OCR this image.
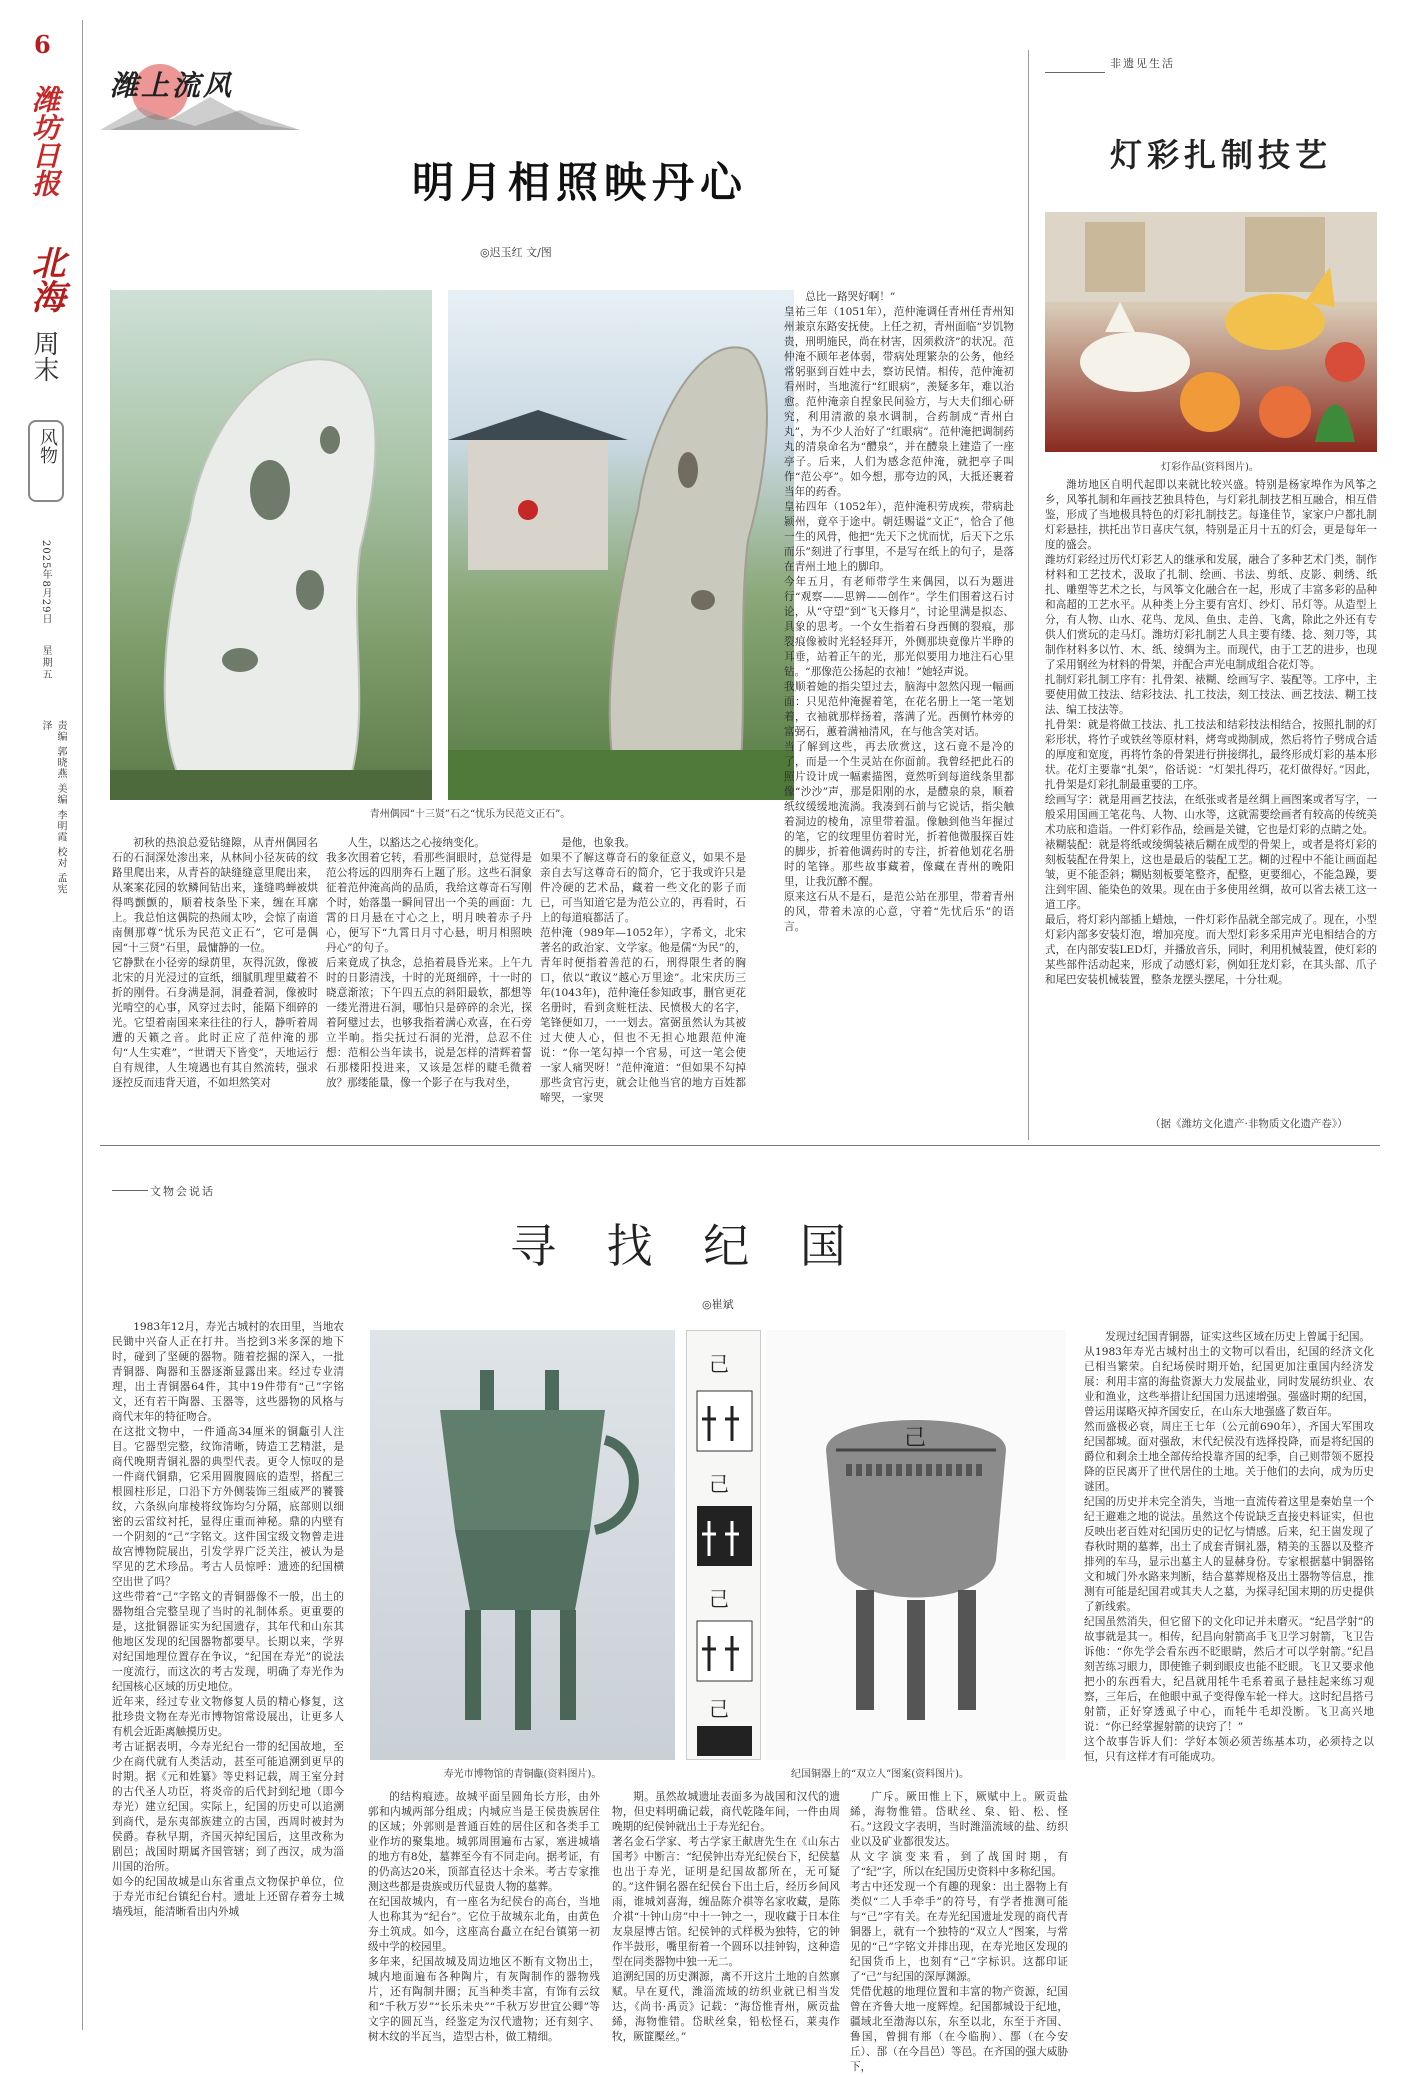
6
潍坊日报
北海
周末
风物
2025年8月29日
星期五
责编 郭晓燕 美编 李明霞 校对 孟宪泽
潍上流风
明月相照映丹心
◎迟玉红 文/图
青州偶园“十三贤”石之“忧乐为民范文正石”。

初秋的热浪总爱钻缝隙，从青州偶园名石的石洞深处渗出来，从林间小径灰砖的纹路里爬出来，从青苔的缺缝缝意里爬出来，从案案花园的软鳞间钻出来，逢缝鸣蝉被烘得鸣颤颤的，顺着枝条坠下来，缠在耳廓上。我总怕这偶院的热闹太吵，会惊了南道南侧那尊“忧乐为民范文正石”，它可是偶园“十三贤”石里，最慵静的一位。
它静默在小径旁的绿荫里，灰得沉敛，像被北宋的月光浸过的宣纸，细腻肌理里藏着不折的刚骨。石身满是洞，洞叠着洞，像被时光啃空的心事，风穿过去时，能隔下细碎的光。它望着南国来来往往的行人，静听着周遭的天籁之音。此时正应了范仲淹的那句“人生实难”，“世谓天下皆变”，天地运行自有规律，人生境遇也有其自然流转，强求逐控反而违背天道，不如坦然笑对

人生，以豁达之心接纳变化。
我多次围着它转，看那些洞眼时，总觉得是范公将远的四朋奔石上题了形。这些石洞象征着范仲淹高尚的品质，我给这尊奇石写刚个时，始落墨一瞬间冒出一个美的画面：九霄的日月悬在寸心之上，明月映着赤子丹心，便写下“九霄日月寸心悬，明月相照映丹心”的句子。
后来竟成了执念，总掐着晨昏光来。上午九时的日影清浅，十时的光斑细碎，十一时的晓意渐浓；下午四五点的斜阳最软，都想等一缕光滑进石洞，哪怕只是碎碎的余光，探着阿璧过去，也够我指着满心欢喜，在石旁立半晌。指尖抚过石洞的光滑，总忍不住想：范相公当年读书，说是怎样的清辉着誓石那楼阳投进来，又该是怎样的睫毛微着放？那缕能量，像一个影子在与我对坐，

是他，也象我。
如果不了解这尊奇石的象征意义，如果不是亲自去写这尊奇石的简介，它于我或许只是件冷硬的艺术品，藏着一些文化的影子而已，可当知道它是为范公立的，再看时，石上的每道痕都活了。
范仲淹（989年—1052年），字希文，北宋著名的政治家、文学家。他是儒“为民”的，青年时便指着善范的石，刑得限生者的胸口，依以“敢议”越心万里途”。北宋庆历三年(1043年)，范仲淹任参知政事，删官更花名册时，看到贪赃枉法、民愤极大的名字，笔锋便如刀，一一划去。富弼虽然认为其被过大使人心，但也不无担心地跟范仲淹说：“你一笔勾掉一个官易，可这一笔会使一家人痛哭呀！”范仲淹道：“但如果不勾掉那些贪官污吏，就会让他当官的地方百姓都啼哭，一家哭

总比一路哭好啊！”
皇祐三年（1051年），范仲淹调任青州任青州知州兼京东路安抚使。上任之初，青州面临“岁饥物贵，刑明施民，尚在材害，因须救济”的状况。范仲淹不顾年老体弱，带病处理繁杂的公务，他经常躬驱到百姓中去，察访民情。相传，范仲淹初看州时，当地流行“红眼病”，羡疑多年，难以治愈。范仲淹亲自捏象民间验方，与大夫们细心研究，利用清澈的泉水调制，合药制成“青州白丸”，为不少人治好了“红眼病”。范仲淹把调制药丸的清泉命名为“醴泉”，并在醴泉上建造了一座亭子。后来，人们为感念范仲淹，就把亭子叫作“范公亭”。如今想，那夸边的风，大抵还裹着当年的药香。
皇祐四年（1052年），范仲淹积劳成疾，带病赴颍州，竟卒于途中。朝廷赐谥“文正”，恰合了他一生的风骨，他把“先天下之忧而忧，后天下之乐而乐”刻进了行事里，不是写在纸上的句子，是落在青州土地上的脚印。
今年五月，有老师带学生来偶园，以石为题进行“观察——思辨——创作”。学生们围着这石讨论，从“守望”到“飞天修月”，讨论里满是拟态、具象的思考。一个女生指着石身西侧的裂痕，那裂痕像被时光轻轻拜开，外侧那块竟像片半睁的耳垂，站着正午的光，那光似要用力地注石心里钻。“那像范公扬起的衣袖！”她轻声说。
我顺着她的指尖望过去，脑海中忽然闪现一幅画面：只见范仲淹握着笔，在花名册上一笔一笔划着，衣袖就那样扬着，落满了光。西侧竹林旁的富弼石，蕙着满袖清风，在与他含笑对话。
当了解到这些，再去欣赏这，这石竟不是冷的了，而是一个生灵站在你面前。我曾经把此石的照片设计成一幅素描图，竟然听到每道线条里都像“沙沙”声，那是阳刚的水，是醴泉的泉，顺着纸纹缓缓地流淌。我凑到石前与它说话，指尖触着洞边的棱角，凉里带着温。像触到他当年握过的笔，它的纹理里仿着时光，折着他微服探百姓的脚步，折着他调药时的专注，折着他划花名册时的笔锋。那些故事藏着，像藏在青州的晚阳里，让我沉醉不醒。
原来这石从不是石，是范公站在那里，带着青州的风，带着未凉的心意，守着“先忧后乐”的语言。

非遗见生活
灯彩扎制技艺
灯彩作品(资料图片)。

潍坊地区自明代起即以来就比较兴盛。特别是杨家埠作为风筝之乡，风筝扎制和年画技艺独具特色，与灯彩扎制技艺相互融合，相互借鉴，形成了当地极具特色的灯彩扎制技艺。每逢佳节，家家户户都扎制灯彩悬挂，拱托出节日喜庆气氛，特别是正月十五的灯会，更是每年一度的盛会。
潍坊灯彩经过历代灯彩艺人的继承和发展，融合了多种艺术门类，制作材料和工艺技术，汲取了扎制、绘画、书法、剪纸、皮影、刺绣、纸扎、雕塑等艺术之长，与风筝文化融合在一起，形成了丰富多彩的品种和高超的工艺水平。从种类上分主要有宫灯、纱灯、吊灯等。从造型上分，有人物、山水、花鸟、龙凤、鱼虫、走兽、飞禽，除此之外还有专供人们赏玩的走马灯。潍坊灯彩扎制艺人具主要有缕、捻、刻刀等，其制作材料多以竹、木、纸、绫绸为主。而现代，由于工艺的进步，也现了采用钢丝为材料的骨架，并配合声光电制成组合花灯等。
扎制灯彩扎制工序有：扎骨架、裱糊、绘画写字、装配等。工序中，主要使用做工技法、结彩技法、扎工技法，刻工技法、画艺技法、糊工技法、编工技法等。
扎骨架：就是将做工技法、扎工技法和结彩技法相结合，按照扎制的灯彩形状，将竹子或铁丝等原材料，烤弯或拗制成，然后将竹子劈成合适的厚度和宽度，再将竹条的骨架进行拼接绑扎，最终形成灯彩的基本形状。花灯主要靠“扎架”，俗话说：“灯架扎得巧，花灯做得好。”因此，扎骨架是灯彩扎制最重要的工序。
绘画写字：就是用画艺技法，在纸张或者是丝绸上画图案或者写字，一般采用国画工笔花鸟、人物、山水等，这就需要绘画者有较高的传统美术功底和造诣。一件灯彩作品，绘画是关键，它也是灯彩的点睛之处。
裱糊装配：就是将纸或绫绸装裱后糊在成型的骨架上，或者是将灯彩的刻板装配在骨架上，这也是最后的装配工艺。糊的过程中不能让画面起皱，更不能歪斜；糊贴刻板要笔整齐，配整，更要细心，不能急躁，要注到牢固、能染色的效果。现在由于多使用丝绸，故可以省去裱工这一道工序。
最后，将灯彩内部插上蜡烛，一件灯彩作品就全部完成了。现在，小型灯彩内部多安装灯泡，增加亮度。而大型灯彩多采用声光电相结合的方式，在内部安装LED灯，并播放音乐，同时，利用机械装置，使灯彩的某些部件活动起来，形成了动感灯彩，例如狂龙灯彩，在其头部、爪子和尾巴安装机械装置，整条龙摆头摆尾，十分壮观。

（据《潍坊文化遗产·非物质文化遗产卷》）
文物会说话
寻 找 纪 国
◎崔斌

1983年12月，寿光古城村的农田里，当地农民锄中兴奋人正在打井。当挖到3米多深的地下时，碰到了坚硬的器物。随着挖掘的深入，一批青铜器、陶器和玉器逐渐显露出来。经过专业清理，出土青铜器64件，其中19件带有“己”字铭文，还有若干陶器、玉器等，这些器物的风格与商代末年的特征吻合。
在这批文物中，一件通高34厘米的铜甗引人注目。它器型完整，纹饰清晰，铸造工艺精湛，是商代晚期青铜礼器的典型代表。更令人惊叹的是一件商代铜鼎，它采用圆腹圆底的造型，搭配三根圆柱形足，口沿下方外侧装饰三组威严的饕餮纹，六条纵向扉棱将纹饰均匀分隔，底部则以细密的云雷纹衬托，显得庄重而神秘。鼎的内壁有一个阴刻的“己”字铭文。这件国宝级文物曾走进故宫博物院展出，引发学界广泛关注，被认为是罕见的艺术珍品。考古人员惊呼：遗迹的纪国横空出世了吗？
这些带着“己”字铭文的青铜器像不一般，出土的器物组合完整呈现了当时的礼制体系。更重要的是，这批铜器证实为纪国遗存，其年代和山东其他地区发现的纪国器物都要早。长期以来，学界对纪国地理位置存在争议，“纪国在寿光”的说法一度流行，而这次的考古发现，明确了寿光作为纪国核心区域的历史地位。
近年来，经过专业文物修复人员的精心修复，这批珍贵文物在寿光市博物馆常设展出，让更多人有机会近距离触摸历史。
考古证据表明，今寿光纪台一带的纪国故地，至少在商代就有人类活动，甚至可能追溯到更早的时期。据《元和姓纂》等史料记载，周王室分封的古代圣人功臣，将炎帝的后代封到纪地（即今寿光）建立纪国。实际上，纪国的历史可以追溯到商代，是东夷部族建立的古国，西周时被封为侯爵。春秋早期，齐国灭掉纪国后，这里改称为剧邑；战国时期属齐国管辖；到了西汉，成为淄川国的治所。
如今的纪国故城是山东省重点文物保护单位，位于寿光市纪台镇纪台村。遗址上还留存着夯土城墙残垣，能清晰看出内外城

己
己
己
己
己
寿光市博物馆的青铜甗(资料图片)。	纪国铜器上的“双立人”图案(资料图片)。

的结构痕迹。故城平面呈圆角长方形，由外郭和内城两部分组成；内城应当是王侯贵族居住的区域；外郭则是普通百姓的居住区和各类手工业作坊的聚集地。城郭周围遍布古冢，塞进城墙的地方有8处，墓葬至今有不同走向。据考证，有的仍高达20米，顶部直径达十余米。考古专家推测这些都是贵族或历代显贵人物的墓葬。
在纪国故城内，有一座名为纪侯台的高台，当地人也称其为“纪台”。它位于故城东北角，由黄色夯土筑成。如今，这座高台矗立在纪台镇第一初级中学的校园里。
多年来，纪国故城及周边地区不断有文物出土，城内地面遍布各种陶片，有灰陶制作的器物残片，还有陶制井圈；瓦当种类丰富，有饰有云纹和“千秋万岁”“长乐未央”“千秋万岁世宜公卿”等文字的圆瓦当，经鉴定为汉代遗物；还有刻字、树木纹的半瓦当，造型古朴，做工精细。

期。虽然故城遗址表面多为战国和汉代的遗物，但史料明确记载，商代乾隆年间，一件由周晚期的纪侯钟就出土于寿光纪台。
著名金石学家、考古学家王献唐先生在《山东古国考》中断言：“纪侯钟出寿光纪侯台下，纪侯墓也出于寿光，证明是纪国故都所在，无可疑的。”这件铜名器在纪侯台下出土后，经历乡间风雨，谁城刘喜海，缠品陈介祺等名家收藏，是陈介祺“十钟山房”中十一钟之一，现收藏于日本住友泉屋博古馆。纪侯钟的式样极为独特，它的钟作半鼓形，嘴里衔着一个圆环以挂钟钩，这种造型在同类器物中独一无二。
追溯纪国的历史渊源，离不开这片土地的自然禀赋。早在夏代，潍淄流域的纺织业就已相当发达，《尚书·禹贡》记载：“海岱惟青州，厥贡盐絺，海物惟错。岱畎丝枲，铅松怪石，莱夷作牧，厥篚檿丝。”

广斥。厥田惟上下，厥赋中上。厥贡盐絺，海物惟错。岱畎丝、枲、铅、松、怪石。”这段文字表明，当时潍淄流域的盐、纺织业以及矿业都很发达。
从文字演变来看，到了战国时期，有了“纪”字，所以在纪国历史资料中多称纪国。
考古中还发现一个有趣的现象：出土器物上有类似“二人手牵手”的符号，有学者推测可能与“己”字有关。在寿光纪国遗址发现的商代青铜器上，就有一个独特的“双立人”图案，与常见的“己”字铭文并排出现，在寿光地区发现的纪国货币上，也刻有“己”字标识。这都印证了“己”与纪国的深厚渊源。
凭借优越的地理位置和丰富的物产资源，纪国曾在齐鲁大地一度辉煌。纪国都城设于纪地，疆域北至渤海以东，东至以北，东至于齐国、鲁国，曾拥有郱（在今临朐）、鄑（在今安丘）、郚（在今昌邑）等邑。在齐国的强大威胁下，

发现过纪国青铜器，证实这些区域在历史上曾属于纪国。
从1983年寿光古城村出土的文物可以看出，纪国的经济文化已相当繁荣。自纪场侯时期开始，纪国更加注重国内经济发展：利用丰富的海盐资源大力发展盐业，同时发展纺织业、农业和渔业，这些举措让纪国国力迅速增强。强盛时期的纪国，曾运用谋略灭掉齐国安丘，在山东大地强盛了数百年。
然而盛极必衰，周庄王七年（公元前690年），齐国大军围攻纪国都城。面对强敌，末代纪侯没有选择投降，而是将纪国的爵位和剩余土地全部传给投靠齐国的纪季，自己则带领不愿投降的臣民离开了世代居住的土地。关于他们的去向，成为历史谜团。
纪国的历史并未完全消失，当地一直流传着这里是秦始皇一个纪王避难之地的说法。虽然这个传说缺乏直接史料证实，但也反映出老百姓对纪国历史的记忆与情感。后来，纪王崮发现了春秋时期的墓葬，出土了成套青铜礼器，精美的玉器以及整齐排列的车马，显示出墓主人的显赫身份。专家根据墓中铜器铭文和城门外水路来判断，结合墓葬规格及出土器物等信息，推测有可能是纪国君或其夫人之墓，为探寻纪国末期的历史提供了新线索。
纪国虽然消失，但它留下的文化印记并未磨灭。“纪昌学射”的故事就是其一。相传，纪昌向射箭高手飞卫学习射箭，飞卫告诉他：“你先学会看东西不眨眼睛，然后才可以学射箭。”纪昌刻苦练习眼力，即使锥子刺到眼皮也能不眨眼。飞卫又要求他把小的东西看大，纪昌就用牦牛毛系着虱子悬挂起来练习观察，三年后，在他眼中虱子变得像车轮一样大。这时纪昌搭弓射箭，正好穿透虱子中心，而牦牛毛却没断。飞卫高兴地说：“你已经掌握射箭的诀窍了！”
这个故事告诉人们：学好本领必须苦练基本功，必须持之以恒，只有这样才有可能成功。
